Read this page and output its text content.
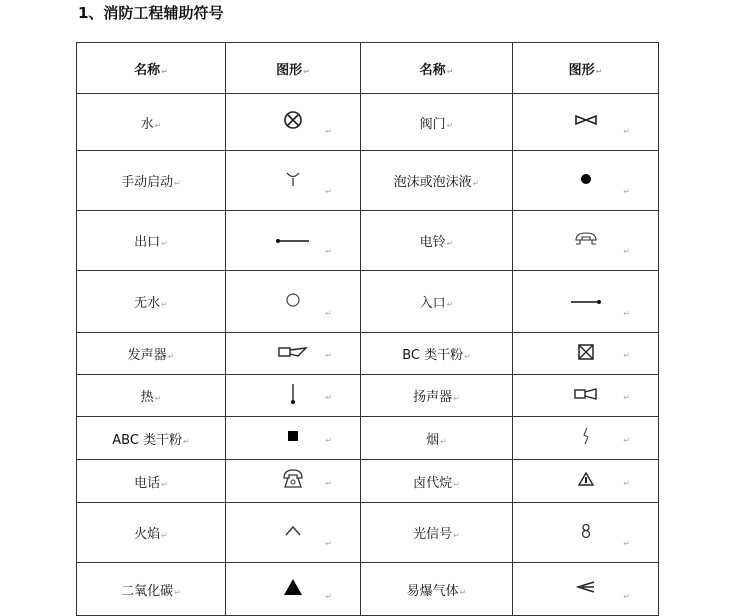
1、消防工程辅助符号
名称 ↵	图形 ↵	名称 ↵	图形 ↵
水 ↵	↵	阀门 ↵	↵

手动启动 ↵	↵	泡沫或泡沫液 ↵	↵

出口 ↵	↵	电铃 ↵	↵

无水 ↵	↵	入口 ↵	↵

发声器 ↵	↵	BC 类干粉 ↵	↵

热 ↵	↵	扬声器 ↵	↵

ABC 类干粉 ↵	↵	烟 ↵	↵

电话 ↵	↵	卤代烷 ↵	↵

火焰 ↵	↵	光信号 ↵	↵

二氧化碳 ↵	↵	易爆气体 ↵	↵
